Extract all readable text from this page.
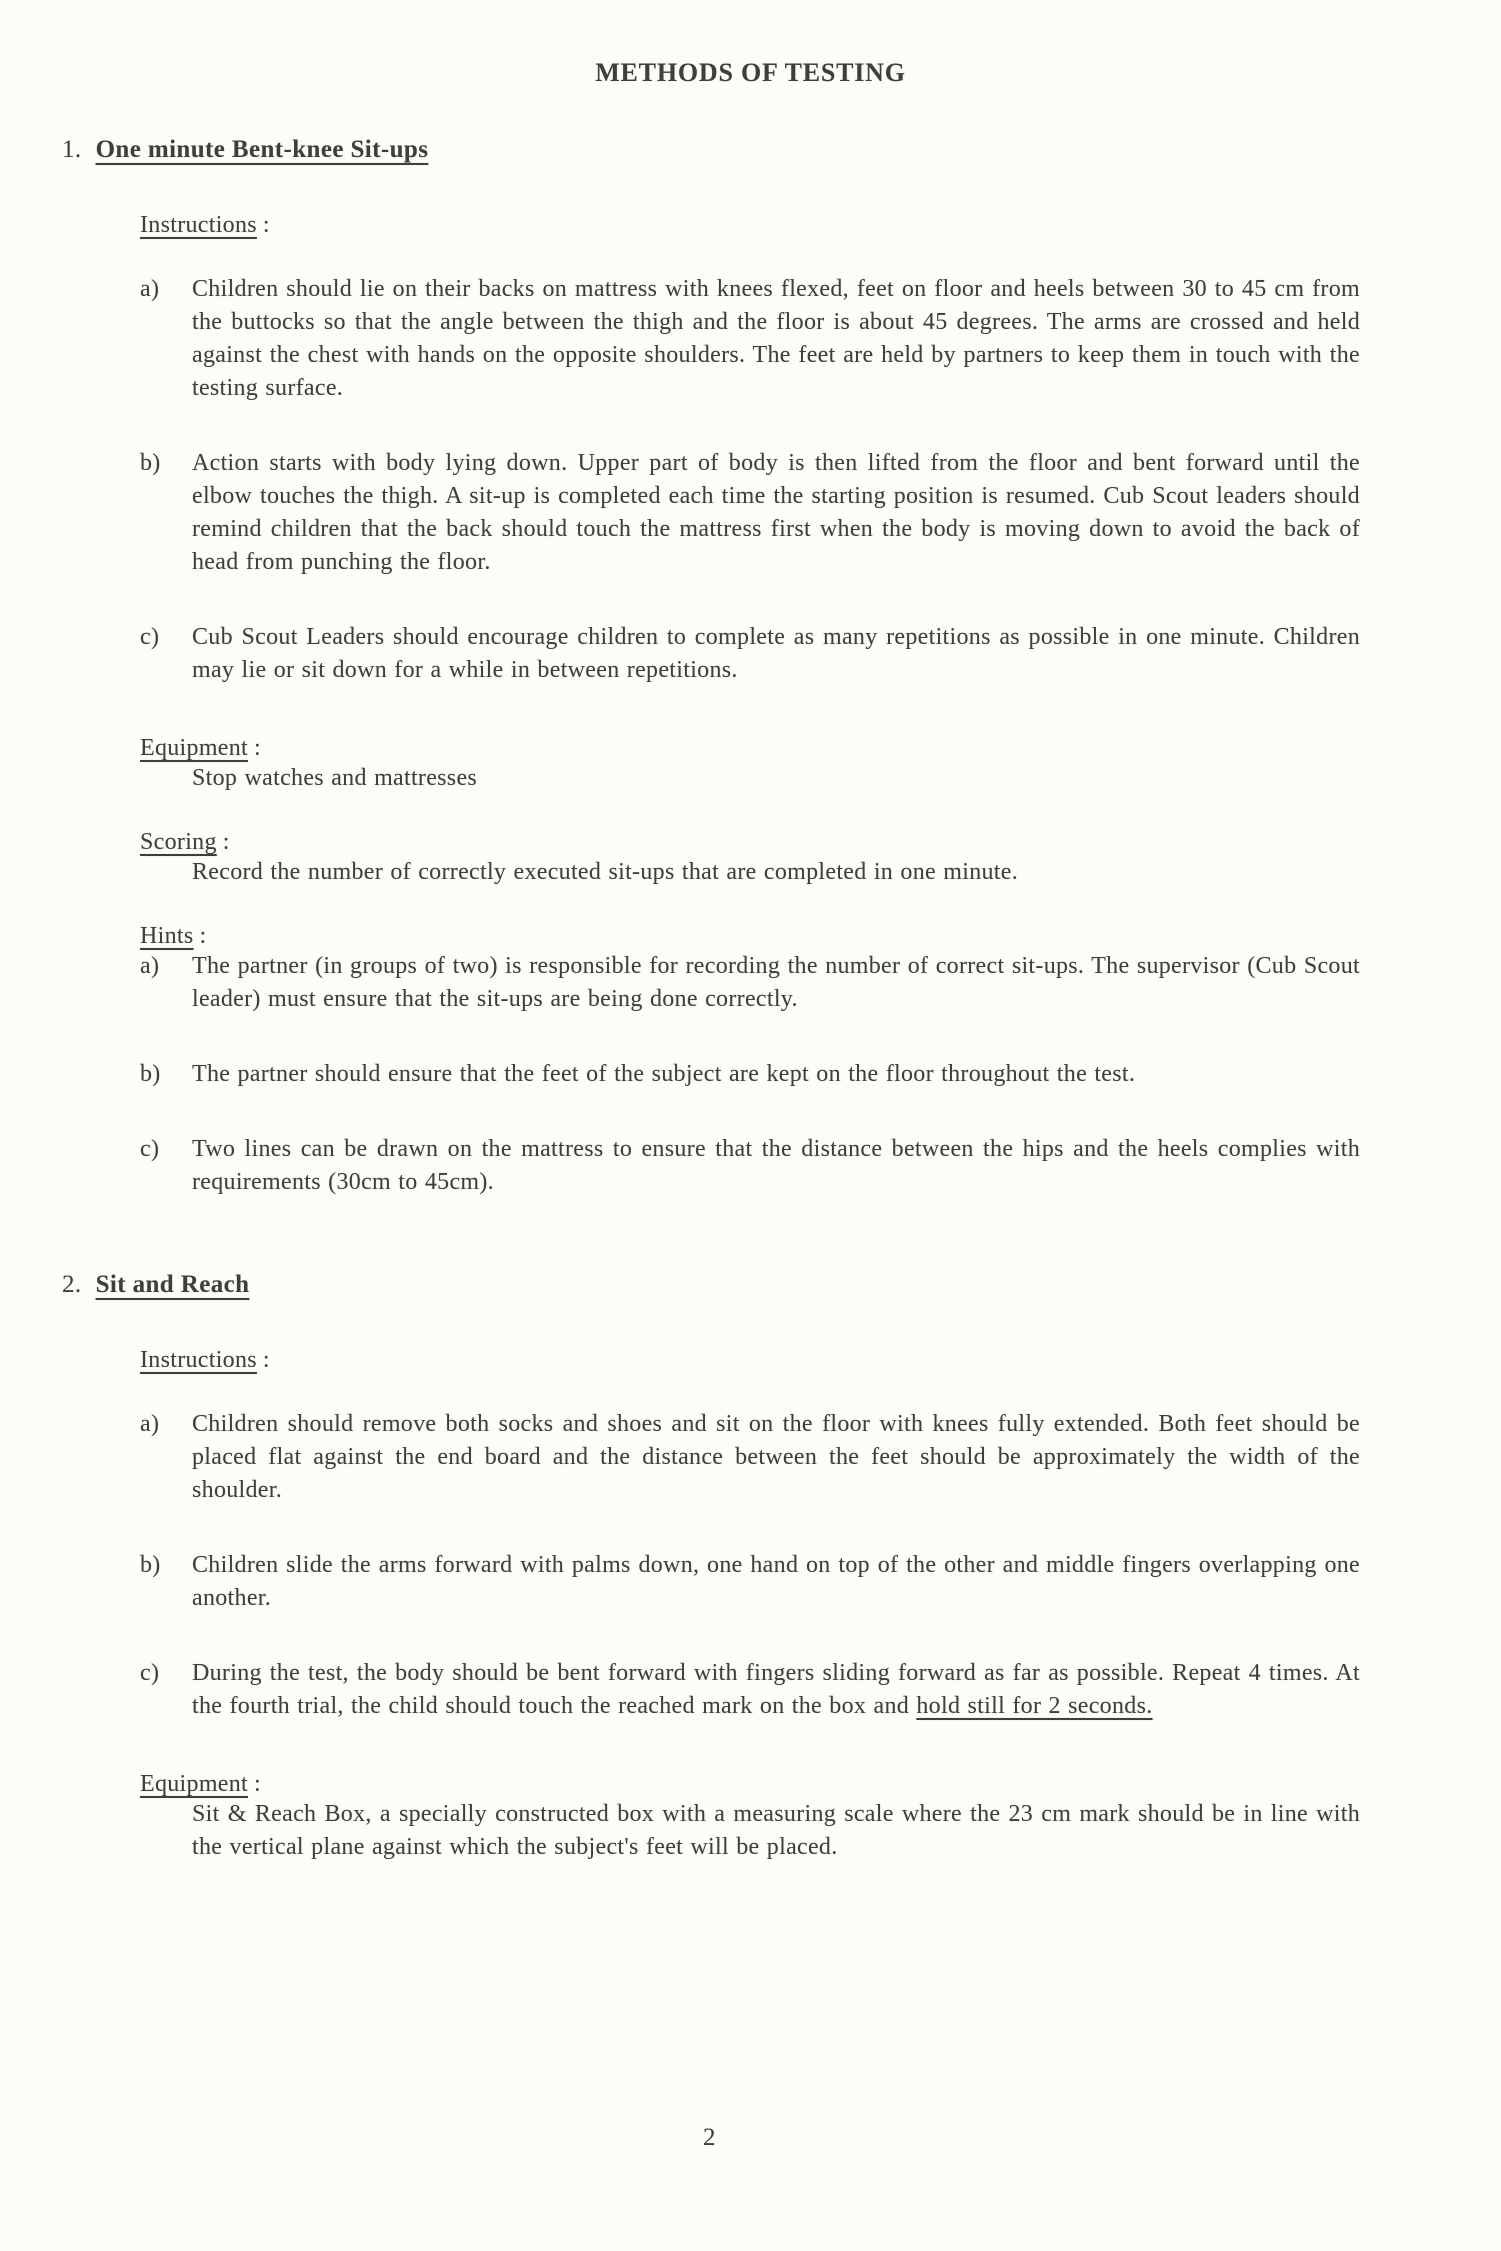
METHODS OF TESTING
1. One minute Bent-knee Sit-ups
Instructions :
a)	Children should lie on their backs on mattress with knees flexed, feet on floor and heels between 30 to 45 cm from the buttocks so that the angle between the thigh and the floor is about 45 degrees. The arms are crossed and held against the chest with hands on the opposite shoulders. The feet are held by partners to keep them in touch with the testing surface.
b)	Action starts with body lying down. Upper part of body is then lifted from the floor and bent forward until the elbow touches the thigh. A sit-up is completed each time the starting position is resumed. Cub Scout leaders should remind children that the back should touch the mattress first when the body is moving down to avoid the back of head from punching the floor.
c)	Cub Scout Leaders should encourage children to complete as many repetitions as possible in one minute. Children may lie or sit down for a while in between repetitions.
Equipment :
Stop watches and mattresses
Scoring :
Record the number of correctly executed sit-ups that are completed in one minute.
Hints :
a)	The partner (in groups of two) is responsible for recording the number of correct sit-ups. The supervisor (Cub Scout leader) must ensure that the sit-ups are being done correctly.
b)	The partner should ensure that the feet of the subject are kept on the floor throughout the test.
c)	Two lines can be drawn on the mattress to ensure that the distance between the hips and the heels complies with requirements (30cm to 45cm).
2. Sit and Reach
Instructions :
a)	Children should remove both socks and shoes and sit on the floor with knees fully extended. Both feet should be placed flat against the end board and the distance between the feet should be approximately the width of the shoulder.
b)	Children slide the arms forward with palms down, one hand on top of the other and middle fingers overlapping one another.
c)	During the test, the body should be bent forward with fingers sliding forward as far as possible. Repeat 4 times. At the fourth trial, the child should touch the reached mark on the box and hold still for 2 seconds.
Equipment :
Sit & Reach Box, a specially constructed box with a measuring scale where the 23 cm mark should be in line with the vertical plane against which the subject's feet will be placed.
2
